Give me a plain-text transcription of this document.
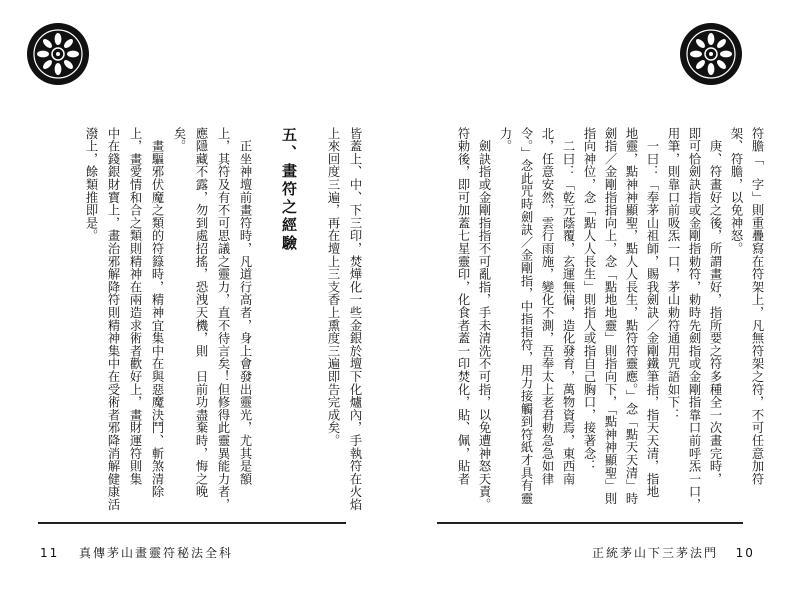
皆蓋上、中、下三印，焚燁化一些金銀於壇下化爐內，手執符在火焰
上來回度三遍，再在壇上三支香上熏度三遍即告完成矣。
五、畫符之經驗
　正坐神壇前畫符時，凡道行高者，身上會發出靈光，尤其是額
上，其符及有不可思議之靈力，直不待言矣！但修得此靈異能力者，
應隱藏不露，勿到處招搖，恐洩天機，則　日前功盡棄時，悔之晚
矣。
　畫驅邪伏魔之類的符籙時，精神宜集中在與惡魔決鬥、斬煞清除
上，畫愛情和合之類則精神在兩造求術者歡好上，畫財運符則集
中在錢銀財寶上，畫治邪解降符則精神集中在受術者邪降消解健康活
潑上，餘類推即是。
11 真傳茅山畫靈符秘法全科
符膽「　字」則重疊寫在符架上，凡無符架之符，不可任意加符
架、符膽，以免神怒。
　庚、符畫好之後，所謂畫好，指所要之符多種全一次畫完時，
即可恰劍訣指或金剛指勅符，勅時先劍指或金剛指靠口前呼炁一口，
用筆，則靠口前吸炁一口，茅山勅符通用咒語如下：
　一曰：「奉茅山祖師，賜我劍訣／金剛鐵筆指，指天天清，指地
地靈，點神神顯聖，點人人長生，點符符靈應。」念「點天天清」時
劍指／金剛指指向上，念「點地地靈」則指向下，「點神神顯聖」則
指向神位，念「點人人長生」則指人或指自己胸口，接著念：
　二曰：「乾元蔭覆，玄運無偏，造化發育，萬物資焉，東西南
北，任意安然，雲行雨施，變化不測，吾奉太上老君勅急急如律
令。」念此咒時劍訣／金剛指，中指指符，用力接觸到符紙才具有靈
力。
　劍訣指或金剛指指不可亂指，手未清洗不可指，以免遭神怒天責。
符勅後，即可加蓋七星靈印，化食者蓋一印焚化，貼、佩，貼者
正統茅山下三茅法門 10
